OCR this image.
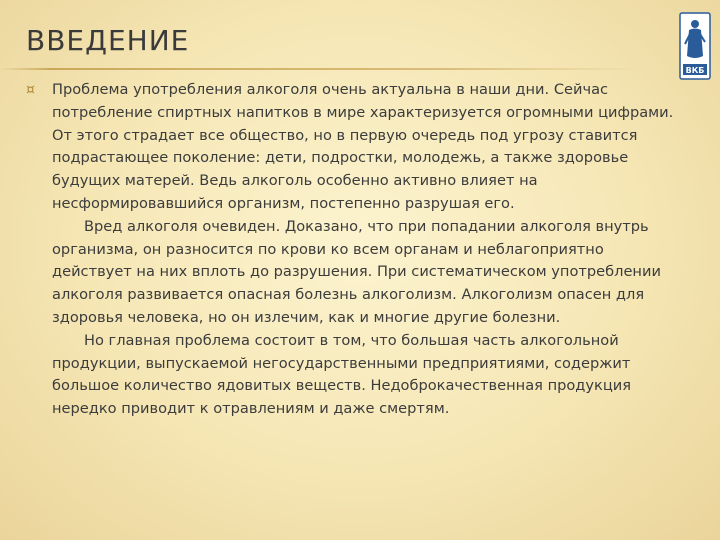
ВВЕДЕНИЕ
ВКБ
¤ Проблема употребления алкоголя очень актуальна в наши дни. Сейчас потребление спиртных напитков в мире характеризуется огромными цифрами. От этого страдает все общество, но в первую очередь под угрозу ставится подрастающее поколение: дети, подростки, молодежь, а также здоровье будущих матерей. Ведь алкоголь особенно активно влияет на несформировавшийся организм, постепенно разрушая его.

Вред алкоголя очевиден. Доказано, что при попадании алкоголя внутрь организма, он разносится по крови ко всем органам и неблагоприятно действует на них вплоть до разрушения. При систематическом употреблении алкоголя развивается опасная болезнь алкоголизм. Алкоголизм опасен для здоровья человека, но он излечим, как и многие другие болезни.

Но главная проблема состоит в том, что большая часть алкогольной продукции, выпускаемой негосударственными предприятиями, содержит большое количество ядовитых веществ. Недоброкачественная продукция нередко приводит к отравлениям и даже смертям.
